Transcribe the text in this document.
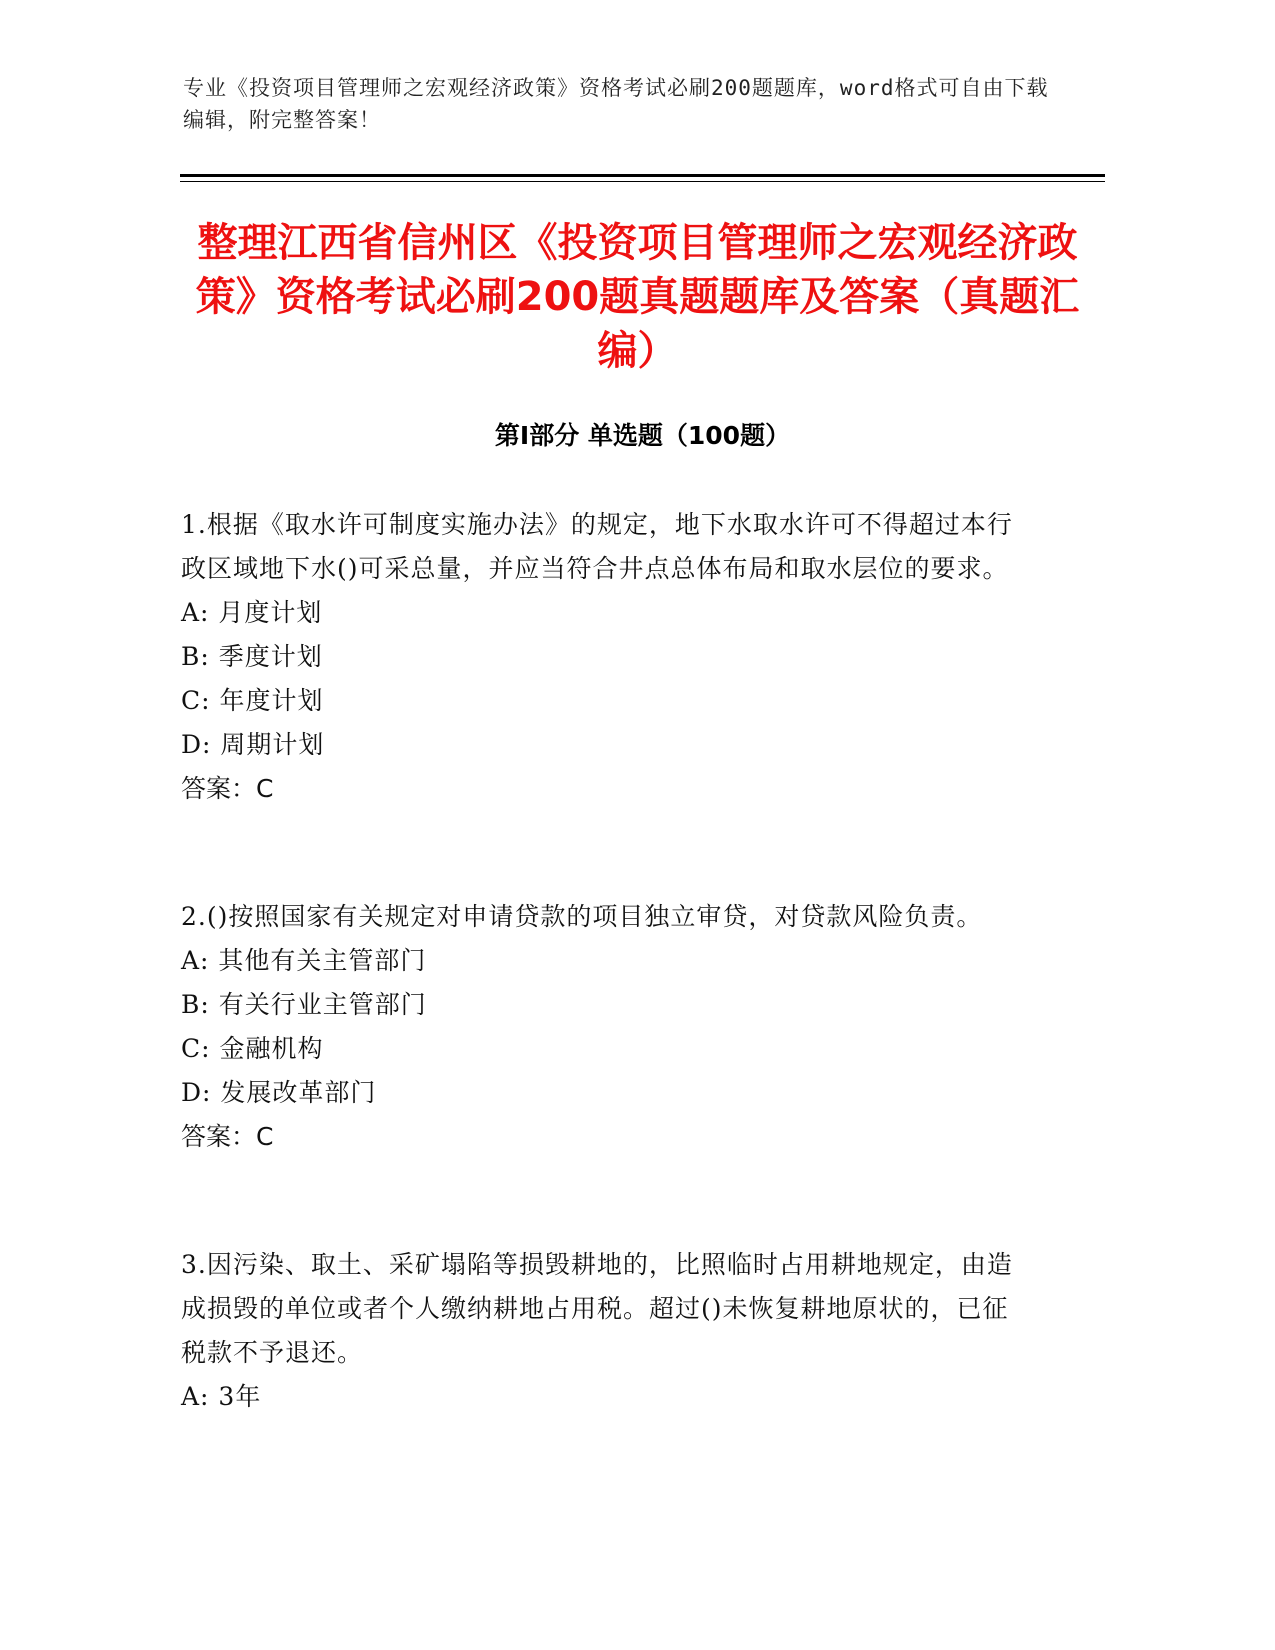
专业《投资项目管理师之宏观经济政策》资格考试必刷200题题库，word格式可自由下载编辑，附完整答案！
整理江西省信州区《投资项目管理师之宏观经济政策》资格考试必刷200题真题题库及答案（真题汇编）
第Ⅰ部分 单选题（100题）

1.根据《取水许可制度实施办法》的规定，地下水取水许可不得超过本行政区域地下水()可采总量，并应当符合井点总体布局和取水层位的要求。

A: 月度计划

B: 季度计划

C: 年度计划

D: 周期计划

答案：C

2.()按照国家有关规定对申请贷款的项目独立审贷，对贷款风险负责。

A: 其他有关主管部门

B: 有关行业主管部门

C: 金融机构

D: 发展改革部门

答案：C

3.因污染、取土、采矿塌陷等损毁耕地的，比照临时占用耕地规定，由造成损毁的单位或者个人缴纳耕地占用税。超过()未恢复耕地原状的，已征税款不予退还。

A: 3年
